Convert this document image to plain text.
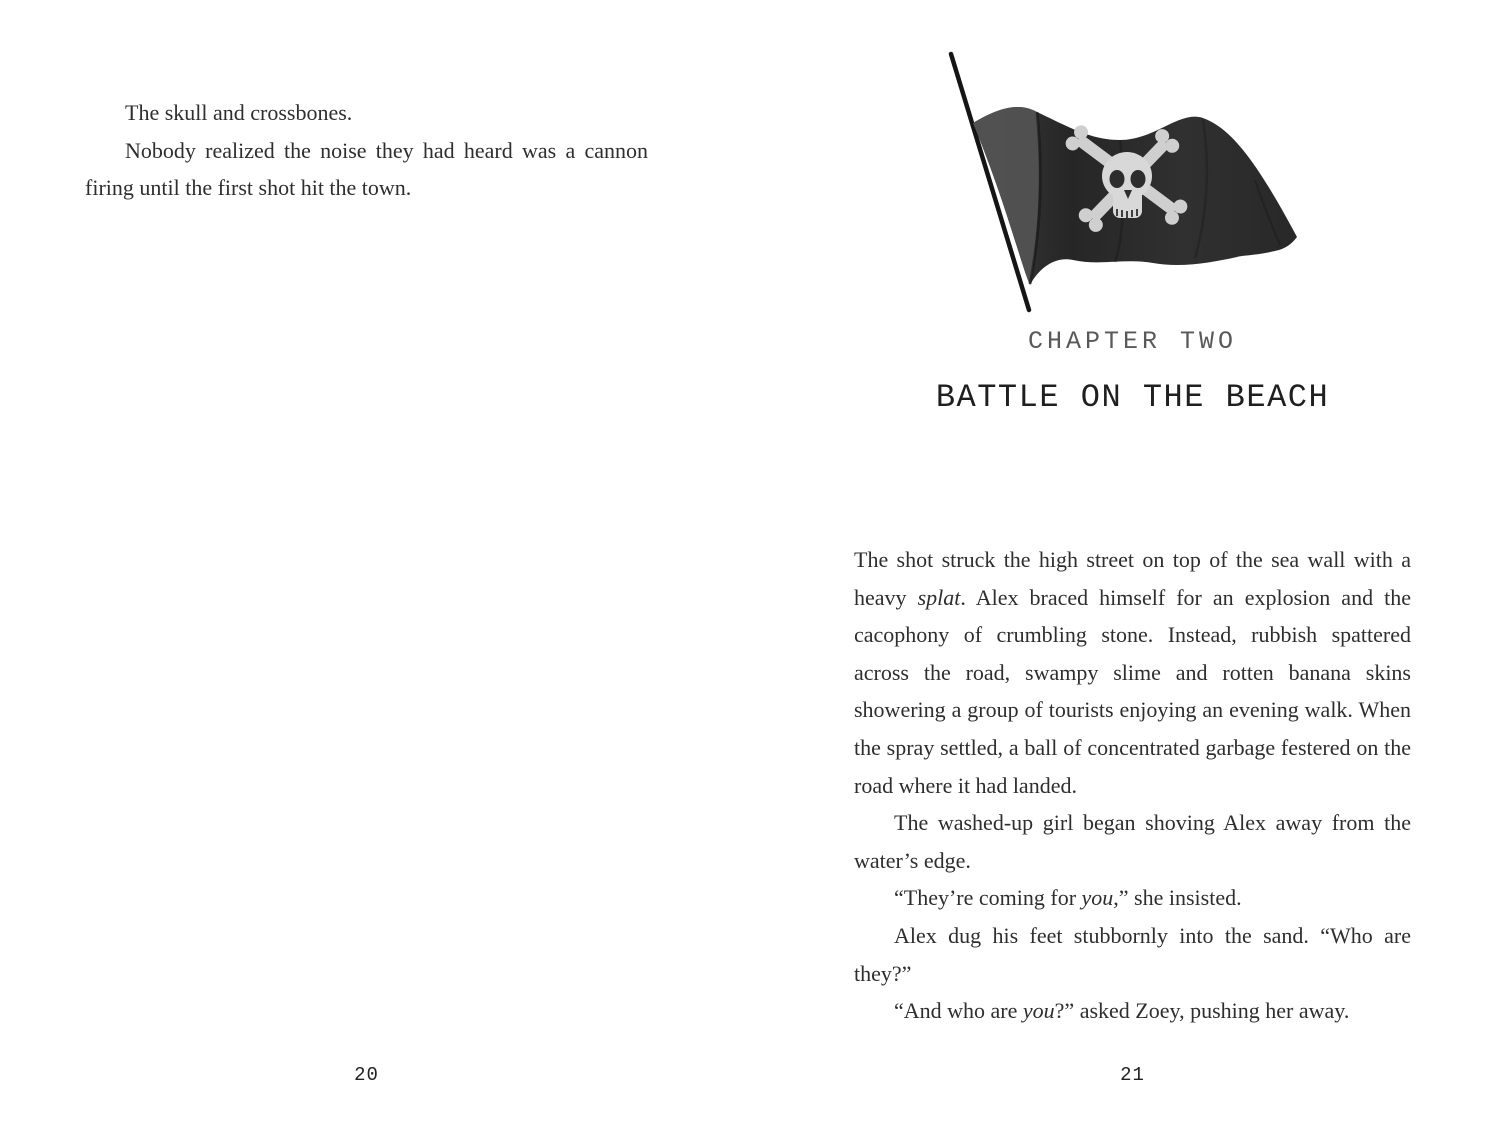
The skull and crossbones.

Nobody realized the noise they had heard was a cannon firing until the first shot hit the town.

20
CHAPTER TWO
BATTLE ON THE BEACH

The shot struck the high street on top of the sea wall with a heavy splat. Alex braced himself for an explosion and the cacophony of crumbling stone. Instead, rubbish spattered across the road, swampy slime and rotten banana skins showering a group of tourists enjoying an evening walk. When the spray settled, a ball of concentrated garbage festered on the road where it had landed.

The washed-up girl began shoving Alex away from the water’s edge.

“They’re coming for you,” she insisted.

Alex dug his feet stubbornly into the sand. “Who are they?”

“And who are you?” asked Zoey, pushing her away.

21
